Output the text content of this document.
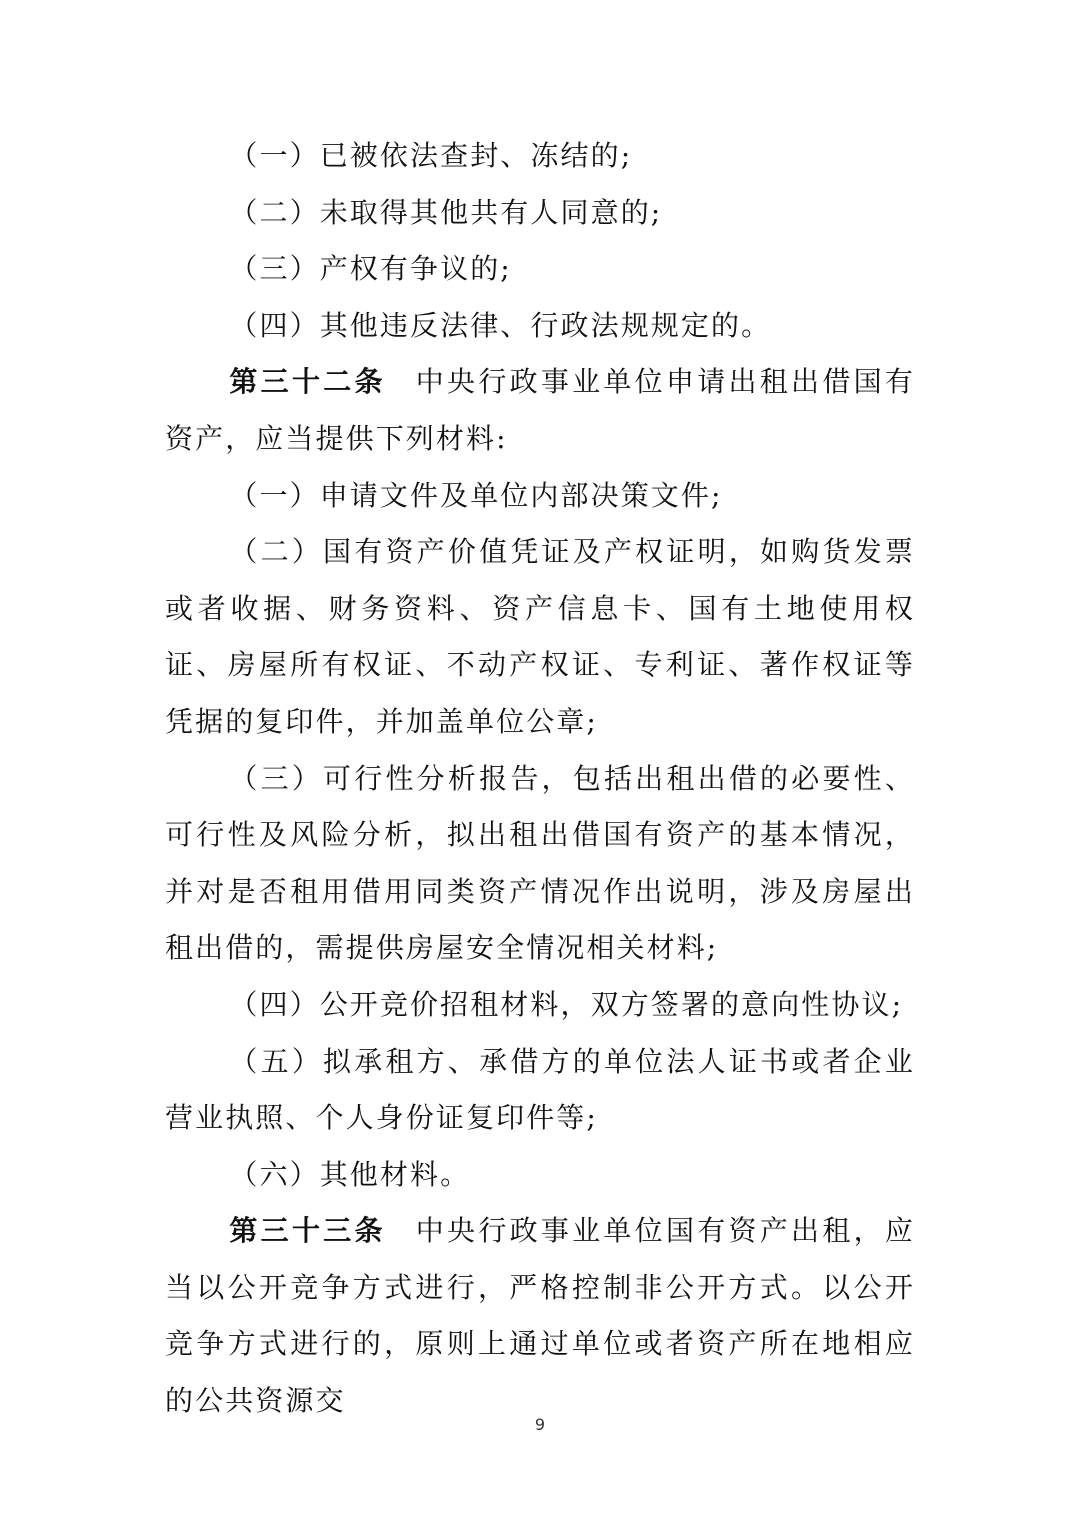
（一）已被依法查封、冻结的;

（二）未取得其他共有人同意的;

（三）产权有争议的;

（四）其他违反法律、行政法规规定的。

第三十二条 中央行政事业单位申请出租出借国有资产，应当提供下列材料:

（一）申请文件及单位内部决策文件;

（二）国有资产价值凭证及产权证明，如购货发票或者收据、财务资料、资产信息卡、国有土地使用权证、房屋所有权证、不动产权证、专利证、著作权证等凭据的复印件，并加盖单位公章;

（三）可行性分析报告，包括出租出借的必要性、可行性及风险分析，拟出租出借国有资产的基本情况，并对是否租用借用同类资产情况作出说明，涉及房屋出租出借的，需提供房屋安全情况相关材料;

（四）公开竞价招租材料，双方签署的意向性协议;

（五）拟承租方、承借方的单位法人证书或者企业营业执照、个人身份证复印件等;

（六）其他材料。

第三十三条 中央行政事业单位国有资产出租，应当以公开竞争方式进行，严格控制非公开方式。以公开竞争方式进行的，原则上通过单位或者资产所在地相应的公共资源交

9
